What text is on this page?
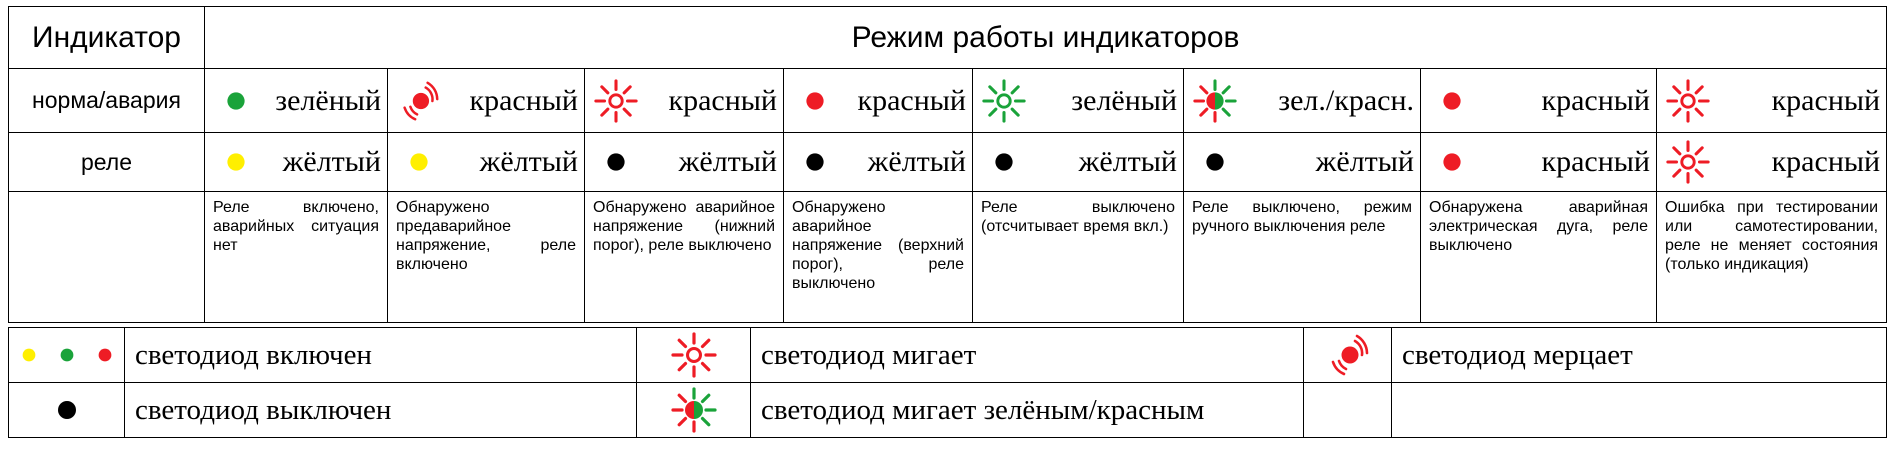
Индикатор	Режим работы индикаторов							
норма/авария	зелёный	красный	красный	красный	зелёный	зел./красн.	красный	красный

реле	жёлтый	жёлтый	жёлтый	жёлтый	жёлтый	жёлтый	красный	красный

	Реле включено, аварийных ситуация нет	Обнаружено предаварийное напряжение, реле включено	Обнаружено аварийное напряжение (нижний порог), реле выключено	Обнаружено аварийное напряжение (верхний порог), реле выключено	Реле выключено (отсчитывает время вкл.)	Реле выключено, режим ручного выключения реле	Обнаружена аварийная электрическая дуга, реле выключено	Ошибка при тестировании или самотестировании, реле не меняет состояния (только индикация)
	светодиод включен		светодиод мигает		светодиод мерцает

	светодиод выключен		светодиод мигает зелёным/красным		
